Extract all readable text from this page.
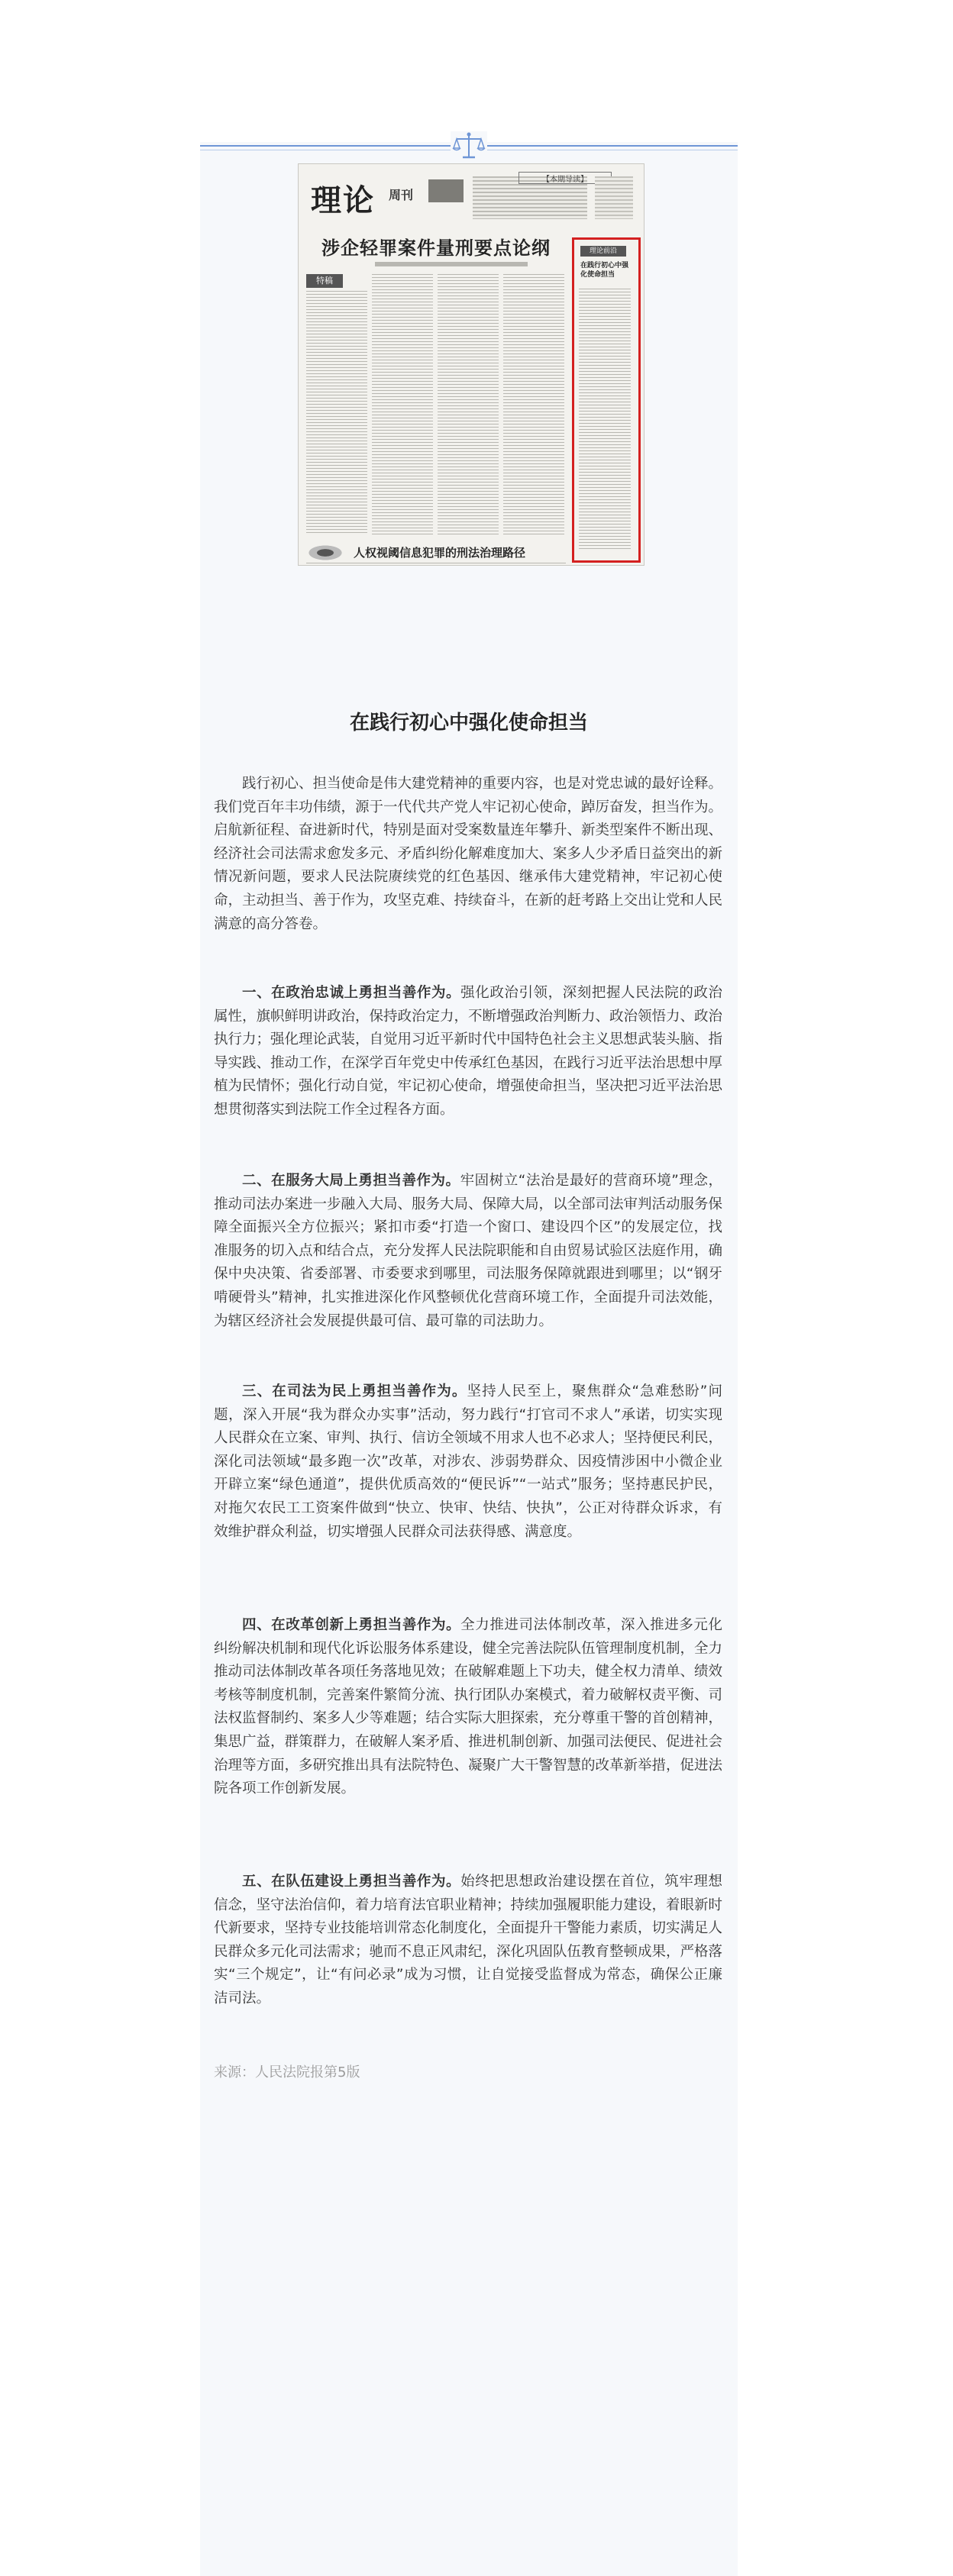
理论 周刊
【本期导读】
涉企轻罪案件量刑要点论纲
特稿
人权视阈信息犯罪的刑法治理路径
理论前沿
在践行初心中强化使命担当
在践行初心中强化使命担当

践行初心、担当使命是伟大建党精神的重要内容，也是对党忠诚的最好诠释。我们党百年丰功伟绩，源于一代代共产党人牢记初心使命，踔厉奋发，担当作为。启航新征程、奋进新时代，特别是面对受案数量连年攀升、新类型案件不断出现、经济社会司法需求愈发多元、矛盾纠纷化解难度加大、案多人少矛盾日益突出的新情况新问题，要求人民法院赓续党的红色基因、继承伟大建党精神，牢记初心使命，主动担当、善于作为，攻坚克难、持续奋斗，在新的赶考路上交出让党和人民满意的高分答卷。

一、在政治忠诚上勇担当善作为。强化政治引领，深刻把握人民法院的政治属性，旗帜鲜明讲政治，保持政治定力，不断增强政治判断力、政治领悟力、政治执行力；强化理论武装，自觉用习近平新时代中国特色社会主义思想武装头脑、指导实践、推动工作，在深学百年党史中传承红色基因，在践行习近平法治思想中厚植为民情怀；强化行动自觉，牢记初心使命，增强使命担当，坚决把习近平法治思想贯彻落实到法院工作全过程各方面。

二、在服务大局上勇担当善作为。牢固树立“法治是最好的营商环境”理念，推动司法办案进一步融入大局、服务大局、保障大局，以全部司法审判活动服务保障全面振兴全方位振兴；紧扣市委“打造一个窗口、建设四个区”的发展定位，找准服务的切入点和结合点，充分发挥人民法院职能和自由贸易试验区法庭作用，确保中央决策、省委部署、市委要求到哪里，司法服务保障就跟进到哪里；以“钢牙啃硬骨头”精神，扎实推进深化作风整顿优化营商环境工作，全面提升司法效能，为辖区经济社会发展提供最可信、最可靠的司法助力。

三、在司法为民上勇担当善作为。坚持人民至上，聚焦群众“急难愁盼”问题，深入开展“我为群众办实事”活动，努力践行“打官司不求人”承诺，切实实现人民群众在立案、审判、执行、信访全领域不用求人也不必求人；坚持便民利民，深化司法领域“最多跑一次”改革，对涉农、涉弱势群众、因疫情涉困中小微企业开辟立案“绿色通道”，提供优质高效的“便民诉”“一站式”服务；坚持惠民护民，对拖欠农民工工资案件做到“快立、快审、快结、快执”，公正对待群众诉求，有效维护群众利益，切实增强人民群众司法获得感、满意度。

四、在改革创新上勇担当善作为。全力推进司法体制改革，深入推进多元化纠纷解决机制和现代化诉讼服务体系建设，健全完善法院队伍管理制度机制，全力推动司法体制改革各项任务落地见效；在破解难题上下功夫，健全权力清单、绩效考核等制度机制，完善案件繁简分流、执行团队办案模式，着力破解权责平衡、司法权监督制约、案多人少等难题；结合实际大胆探索，充分尊重干警的首创精神，集思广益，群策群力，在破解人案矛盾、推进机制创新、加强司法便民、促进社会治理等方面，多研究推出具有法院特色、凝聚广大干警智慧的改革新举措，促进法院各项工作创新发展。

五、在队伍建设上勇担当善作为。始终把思想政治建设摆在首位，筑牢理想信念，坚守法治信仰，着力培育法官职业精神；持续加强履职能力建设，着眼新时代新要求，坚持专业技能培训常态化制度化，全面提升干警能力素质，切实满足人民群众多元化司法需求；驰而不息正风肃纪，深化巩固队伍教育整顿成果，严格落实“三个规定”，让“有问必录”成为习惯，让自觉接受监督成为常态，确保公正廉洁司法。

来源：人民法院报第5版
